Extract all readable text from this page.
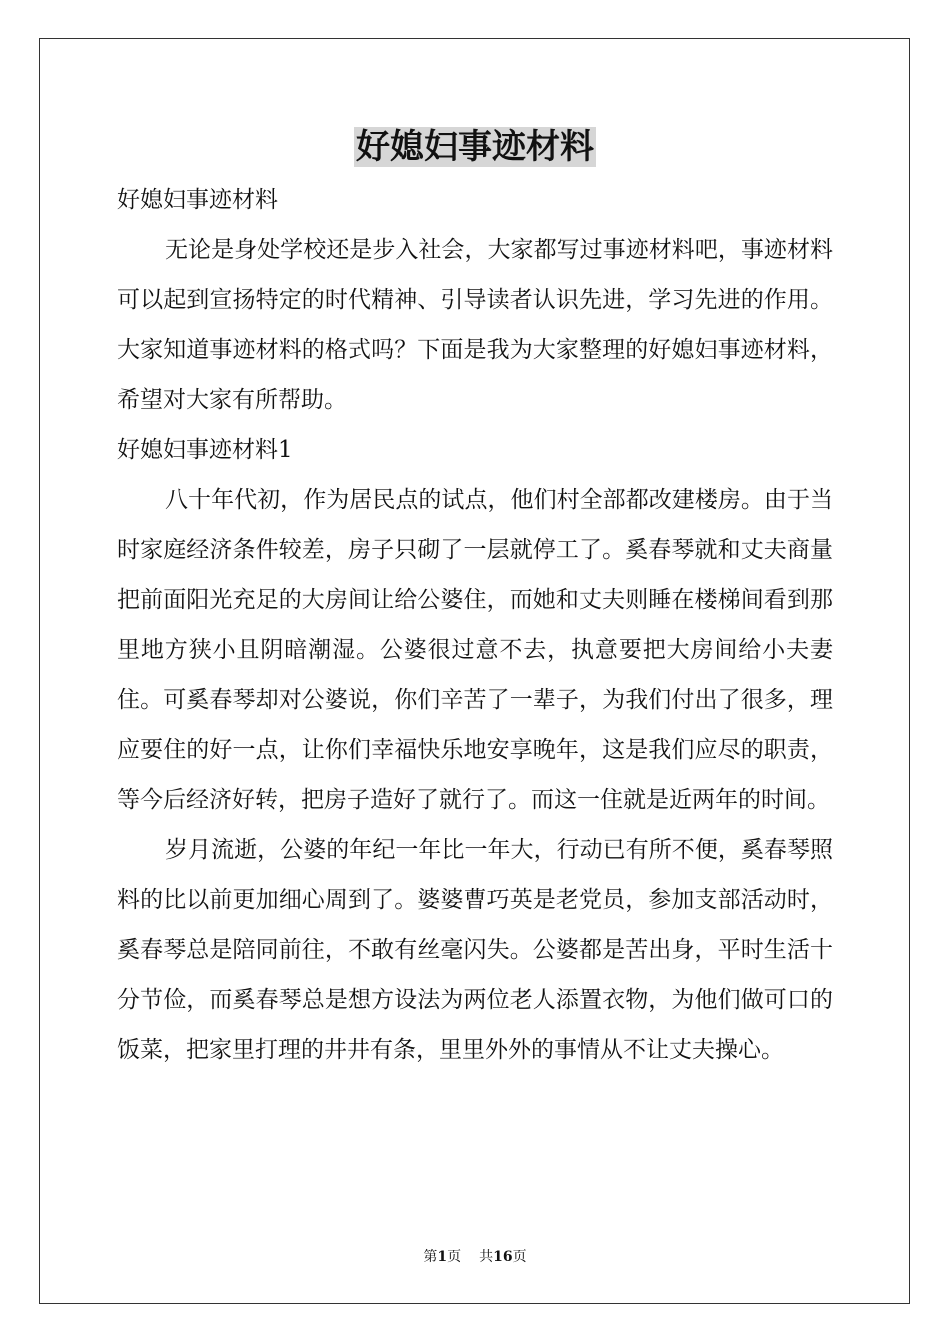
好媳妇事迹材料

好媳妇事迹材料

无论是身处学校还是步入社会，大家都写过事迹材料吧，事迹材料可以起到宣扬特定的时代精神、引导读者认识先进，学习先进的作用。大家知道事迹材料的格式吗？下面是我为大家整理的好媳妇事迹材料，希望对大家有所帮助。

好媳妇事迹材料1

八十年代初，作为居民点的试点，他们村全部都改建楼房。由于当时家庭经济条件较差，房子只砌了一层就停工了。奚春琴就和丈夫商量把前面阳光充足的大房间让给公婆住，而她和丈夫则睡在楼梯间看到那里地方狭小且阴暗潮湿。公婆很过意不去，执意要把大房间给小夫妻住。可奚春琴却对公婆说，你们辛苦了一辈子，为我们付出了很多，理应要住的好一点，让你们幸福快乐地安享晚年，这是我们应尽的职责，等今后经济好转，把房子造好了就行了。而这一住就是近两年的时间。

岁月流逝，公婆的年纪一年比一年大，行动已有所不便，奚春琴照料的比以前更加细心周到了。婆婆曹巧英是老党员，参加支部活动时，奚春琴总是陪同前往，不敢有丝毫闪失。公婆都是苦出身，平时生活十分节俭，而奚春琴总是想方设法为两位老人添置衣物，为他们做可口的饭菜，把家里打理的井井有条，里里外外的事情从不让丈夫操心。

第1页 共16页
